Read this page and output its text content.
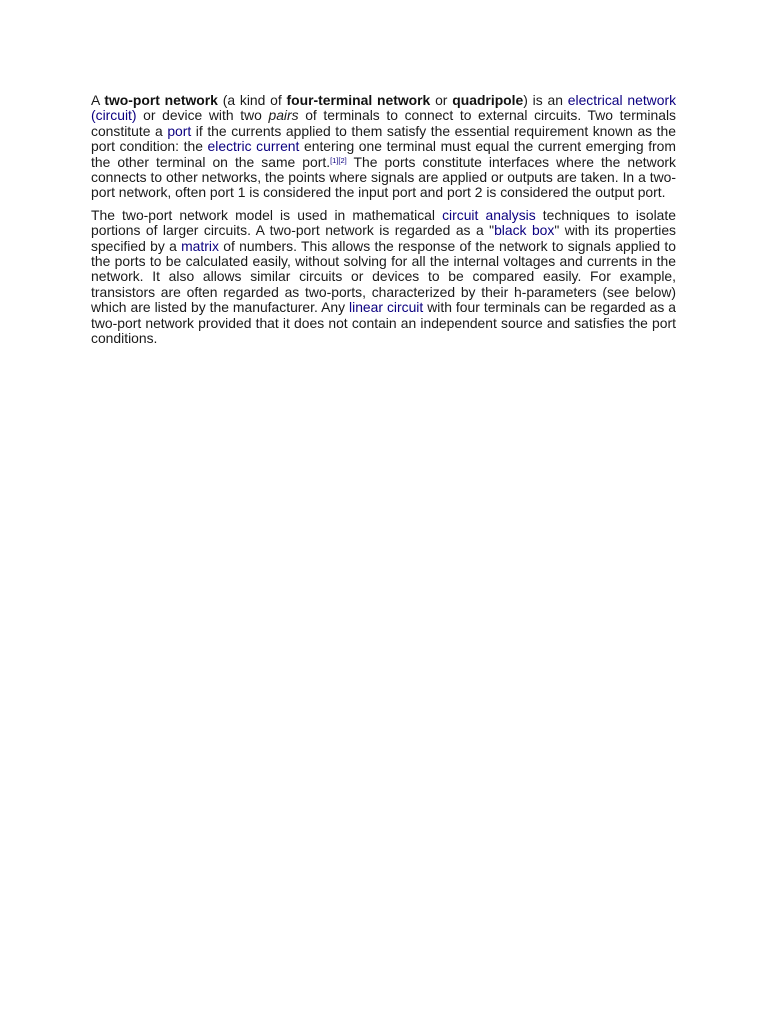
A two-port network (a kind of four-terminal network or quadripole) is an electrical network (circuit) or device with two pairs of terminals to connect to external circuits. Two terminals constitute a port if the currents applied to them satisfy the essential requirement known as the port condition: the electric current entering one terminal must equal the current emerging from the other terminal on the same port.[1][2] The ports constitute interfaces where the network connects to other networks, the points where signals are applied or outputs are taken. In a two-port network, often port 1 is considered the input port and port 2 is considered the output port.

The two-port network model is used in mathematical circuit analysis techniques to isolate portions of larger circuits. A two-port network is regarded as a "black box" with its properties specified by a matrix of numbers. This allows the response of the network to signals applied to the ports to be calculated easily, without solving for all the internal voltages and currents in the network. It also allows similar circuits or devices to be compared easily. For example, transistors are often regarded as two-ports, characterized by their h-parameters (see below) which are listed by the manufacturer. Any linear circuit with four terminals can be regarded as a two-port network provided that it does not contain an independent source and satisfies the port conditions.
